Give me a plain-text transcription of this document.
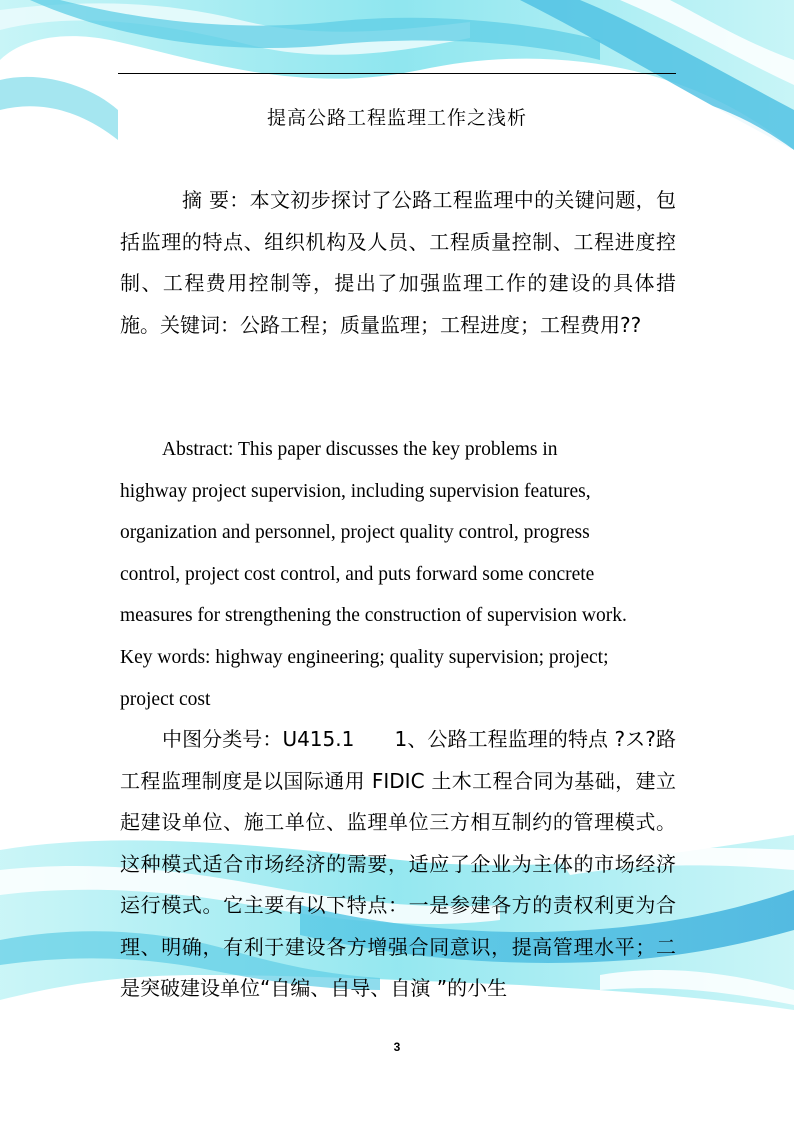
提高公路工程监理工作之浅析

摘 要：本文初步探讨了公路工程监理中的关键问题，包括监理的特点、组织机构及人员、工程质量控制、工程进度控制、工程费用控制等，提出了加强监理工作的建设的具体措施。关键词：公路工程；质量监理；工程进度；工程费用??

Abstract: This paper discusses the key problems in
highway project supervision, including supervision features,
organization and personnel, project quality control, progress
control, project cost control, and puts forward some concrete
measures for strengthening the construction of supervision work.
Key words: highway engineering; quality supervision; project;
project cost

中图分类号：U415.1　　1、公路工程监理的特点 ?ス?路工程监理制度是以国际通用 FIDIC 土木工程合同为基础，建立起建设单位、施工单位、监理单位三方相互制约的管理模式。这种模式适合市场经济的需要，适应了企业为主体的市场经济运行模式。它主要有以下特点：一是参建各方的责权利更为合理、明确，有利于建设各方增强合同意识，提高管理水平；二是突破建设单位“自编、自导、自演 ”的小生

3
